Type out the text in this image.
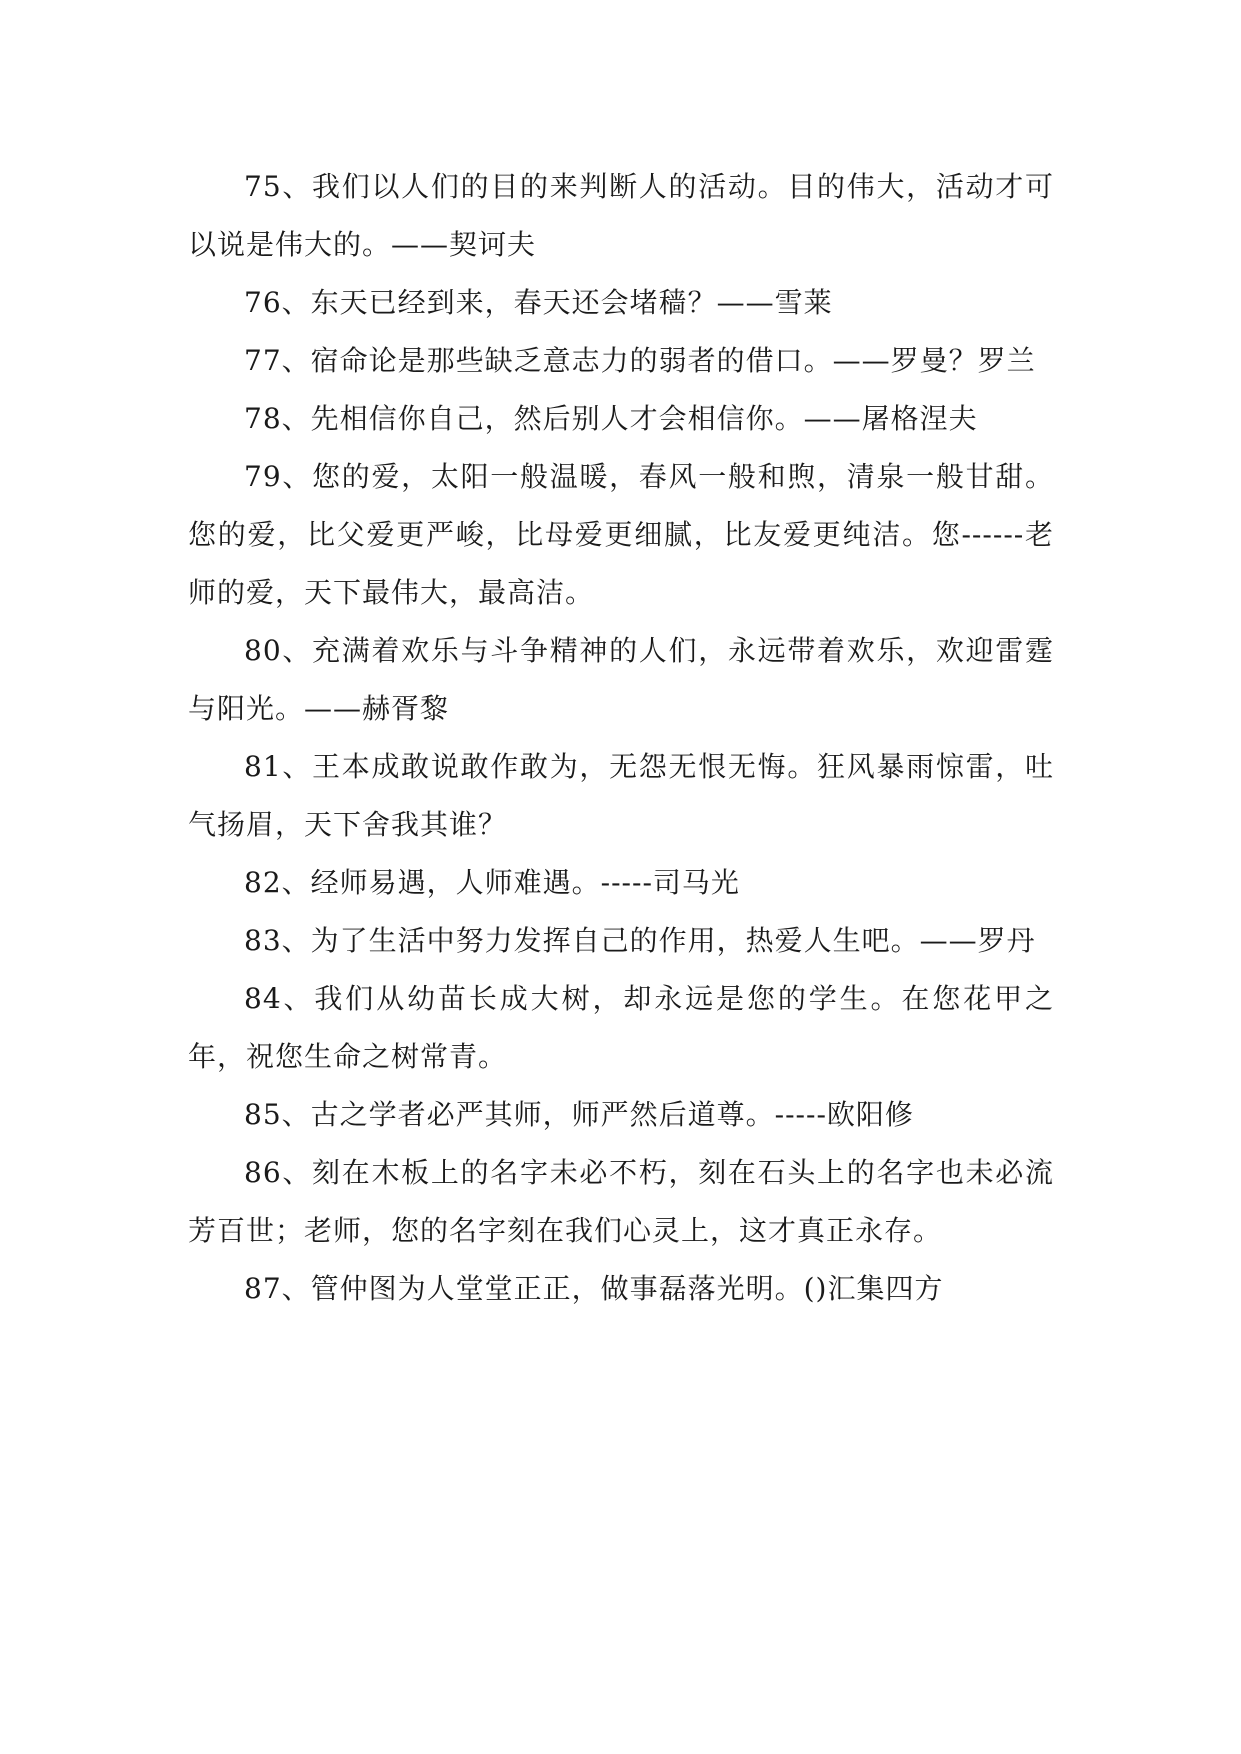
75、我们以人们的目的来判断人的活动。目的伟大，活动才可以说是伟大的。——契诃夫

76、东天已经到来，春天还会堵穑？——雪莱

77、宿命论是那些缺乏意志力的弱者的借口。——罗曼？罗兰

78、先相信你自己，然后别人才会相信你。——屠格涅夫

79、您的爱，太阳一般温暖，春风一般和煦，清泉一般甘甜。您的爱，比父爱更严峻，比母爱更细腻，比友爱更纯洁。您------老师的爱，天下最伟大，最高洁。

80、充满着欢乐与斗争精神的人们，永远带着欢乐，欢迎雷霆与阳光。——赫胥黎

81、王本成敢说敢作敢为，无怨无恨无悔。狂风暴雨惊雷，吐气扬眉，天下舍我其谁？

82、经师易遇，人师难遇。-----司马光

83、为了生活中努力发挥自己的作用，热爱人生吧。——罗丹

84、我们从幼苗长成大树，却永远是您的学生。在您花甲之年，祝您生命之树常青。

85、古之学者必严其师，师严然后道尊。-----欧阳修

86、刻在木板上的名字未必不朽，刻在石头上的名字也未必流芳百世；老师，您的名字刻在我们心灵上，这才真正永存。

87、管仲图为人堂堂正正，做事磊落光明。()汇集四方
